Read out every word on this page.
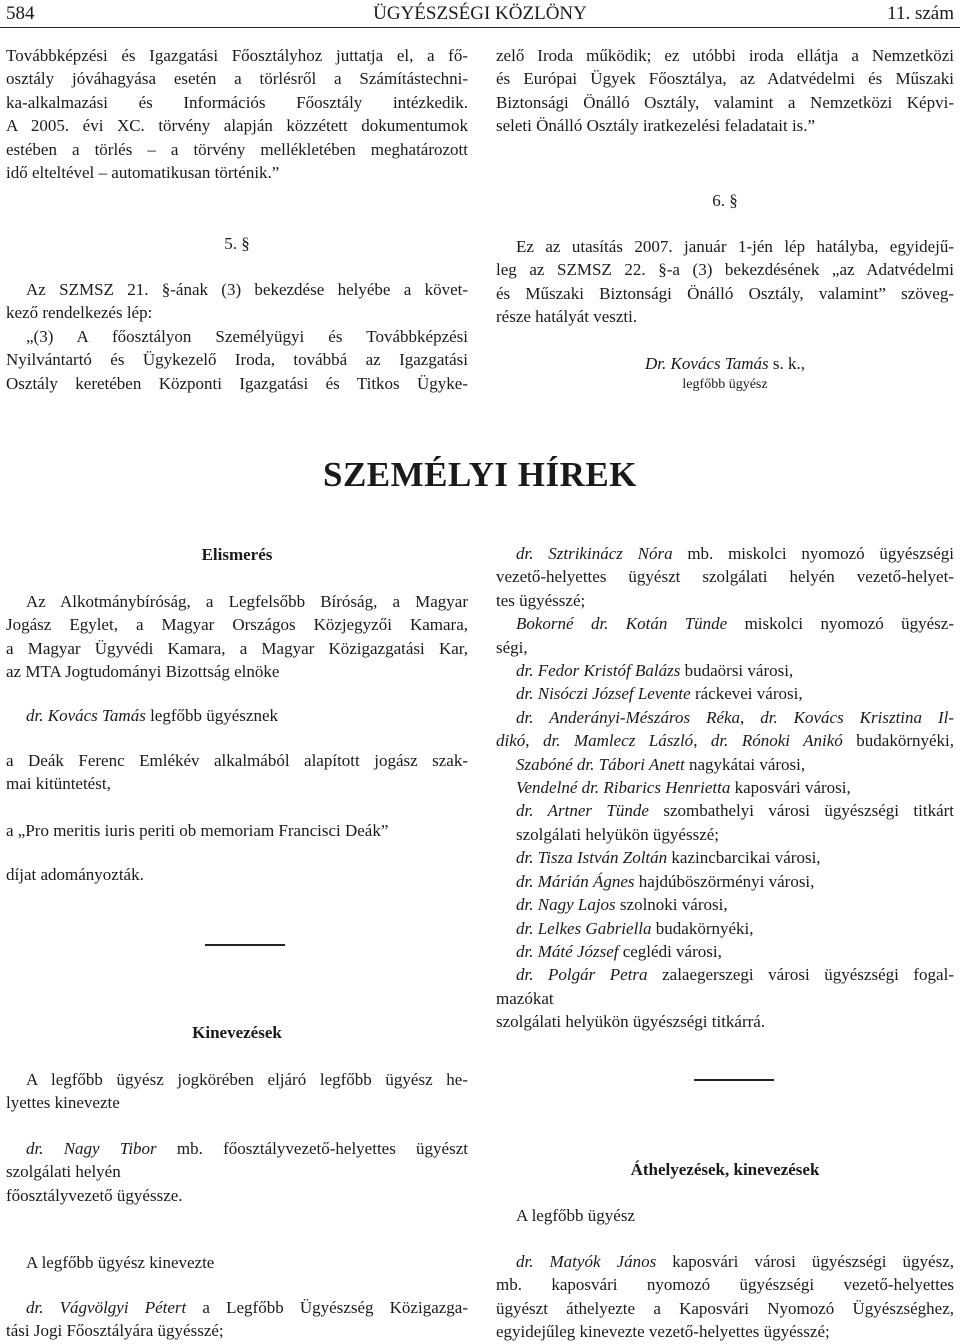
584	ÜGYÉSZSÉGI KÖZLÖNY	11. szám

Továbbképzési és Igazgatási Főosztályhoz juttatja el, a fő-

osztály jóváhagyása esetén a törlésről a Számítástechni-

ka-alkalmazási és Információs Főosztály intézkedik.

A 2005. évi XC. törvény alapján közzétett dokumentumok

estében a törlés – a törvény mellékletében meghatározott

idő elteltével – automatikusan történik.”

5. §

Az SZMSZ 21. §-ának (3) bekezdése helyébe a követ-

kező rendelkezés lép:

„(3) A főosztályon Személyügyi és Továbbképzési

Nyilvántartó és Ügykezelő Iroda, továbbá az Igazgatási

Osztály keretében Központi Igazgatási és Titkos Ügyke-

zelő Iroda működik; ez utóbbi iroda ellátja a Nemzetközi

és Európai Ügyek Főosztálya, az Adatvédelmi és Műszaki

Biztonsági Önálló Osztály, valamint a Nemzetközi Képvi-

seleti Önálló Osztály iratkezelési feladatait is.”

6. §

Ez az utasítás 2007. január 1-jén lép hatályba, egyidejű-

leg az SZMSZ 22. §-a (3) bekezdésének „az Adatvédelmi

és Műszaki Biztonsági Önálló Osztály, valamint” szöveg-

része hatályát veszti.

Dr. Kovács Tamás s. k.,
legfőbb ügyész
SZEMÉLYI HÍREK
Elismerés

Az Alkotmánybíróság, a Legfelsőbb Bíróság, a Magyar

Jogász Egylet, a Magyar Országos Közjegyzői Kamara,

a Magyar Ügyvédi Kamara, a Magyar Közigazgatási Kar,

az MTA Jogtudományi Bizottság elnöke

dr. Kovács Tamás legfőbb ügyésznek

a Deák Ferenc Emlékév alkalmából alapított jogász szak-

mai kitüntetést,

a „Pro meritis iuris periti ob memoriam Francisci Deák”
díjat adományozták.
Kinevezések

A legfőbb ügyész jogkörében eljáró legfőbb ügyész he-

lyettes kinevezte

dr. Nagy Tibor mb. főosztályvezető-helyettes ügyészt

szolgálati helyén

főosztályvezető ügyéssze.

A legfőbb ügyész kinevezte

dr. Vágvölgyi Pétert a Legfőbb Ügyészség Közigazga-

tási Jogi Főosztályára ügyésszé;

dr. Sztrikinácz Nóra mb. miskolci nyomozó ügyészségi

vezető-helyettes ügyészt szolgálati helyén vezető-helyet-

tes ügyésszé;

Bokorné dr. Kotán Tünde miskolci nyomozó ügyész-

ségi,

dr. Fedor Kristóf Balázs budaörsi városi,

dr. Nisóczi József Levente ráckevei városi,

dr. Anderányi-Mészáros Réka, dr. Kovács Krisztina Il-

dikó, dr. Mamlecz László, dr. Rónoki Anikó budakörnyéki,

Szabóné dr. Tábori Anett nagykátai városi,

Vendelné dr. Ribarics Henrietta kaposvári városi,

dr. Artner Tünde szombathelyi városi ügyészségi titkárt

szolgálati helyükön ügyésszé;

dr. Tisza István Zoltán kazincbarcikai városi,

dr. Márián Ágnes hajdúböszörményi városi,

dr. Nagy Lajos szolnoki városi,

dr. Lelkes Gabriella budakörnyéki,

dr. Máté József ceglédi városi,

dr. Polgár Petra zalaegerszegi városi ügyészségi fogal-

mazókat

szolgálati helyükön ügyészségi titkárrá.

Áthelyezések, kinevezések

A legfőbb ügyész

dr. Matyók János kaposvári városi ügyészségi ügyész,

mb. kaposvári nyomozó ügyészségi vezető-helyettes

ügyészt áthelyezte a Kaposvári Nyomozó Ügyészséghez,

egyidejűleg kinevezte vezető-helyettes ügyésszé;
